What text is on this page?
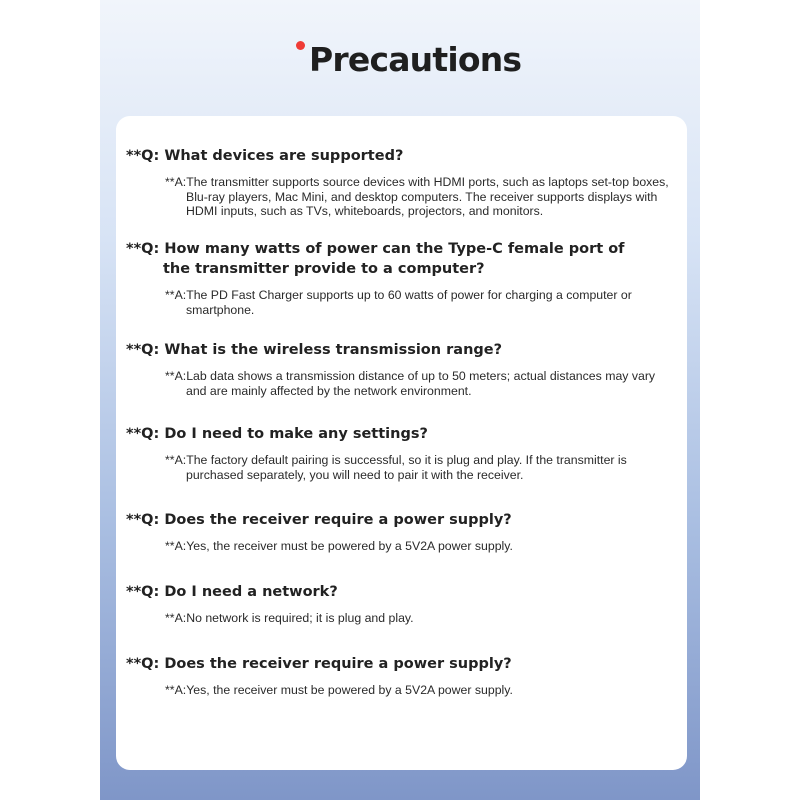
Precautions

**Q: What devices are supported?

**A:The transmitter supports source devices with HDMI ports, such as laptops set-top boxes, Blu-ray players, Mac Mini, and desktop computers. The receiver supports displays with HDMI inputs, such as TVs, whiteboards, projectors, and monitors.

**Q: How many watts of power can the Type-C female port of the transmitter provide to a computer?

**A:The PD Fast Charger supports up to 60 watts of power for charging a computer or smartphone.

**Q: What is the wireless transmission range?

**A:Lab data shows a transmission distance of up to 50 meters; actual distances may vary and are mainly affected by the network environment.

**Q: Do I need to make any settings?

**A:The factory default pairing is successful, so it is plug and play. If the transmitter is purchased separately, you will need to pair it with the receiver.

**Q: Does the receiver require a power supply?

**A:Yes, the receiver must be powered by a 5V2A power supply.

**Q: Do I need a network?

**A:No network is required; it is plug and play.

**Q: Does the receiver require a power supply?

**A:Yes, the receiver must be powered by a 5V2A power supply.
